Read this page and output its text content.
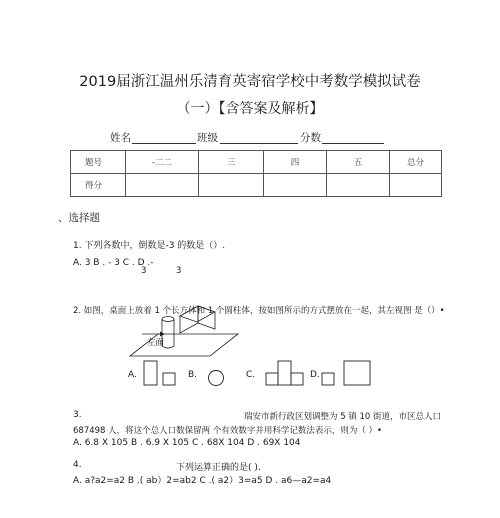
2019届浙江温州乐清育英寄宿学校中考数学模拟试卷
（一）【含答案及解析】
姓名	班级	分数
题号	-二二	三	四	五	总分
得分					
、选择题
1. 下列各数中，倒数是-3 的数是（）.
A. 3 B . - 3 C . D .-
3	3
2. 如图，桌面上放着 1 个长方体和 1 个圆柱体，按如图所示的方式摆放在一起，其左视图 是（）•
左面
A.	B.	C.	D.
3.	瑞安市新行政区划调整为 5 镇 10 街道，市区总人口
687498 人，将这个总人口数保留两 个有效数字并用科学记数法表示，则为（ ）•
A. 6.8 X 105 B . 6.9 X 105 C . 68X 104 D . 69X 104
4.	下列运算正确的是( ).
A. a?a2=a2 B .( ab）2=ab2 C .( a2）3=a5 D . a6—a2=a4
